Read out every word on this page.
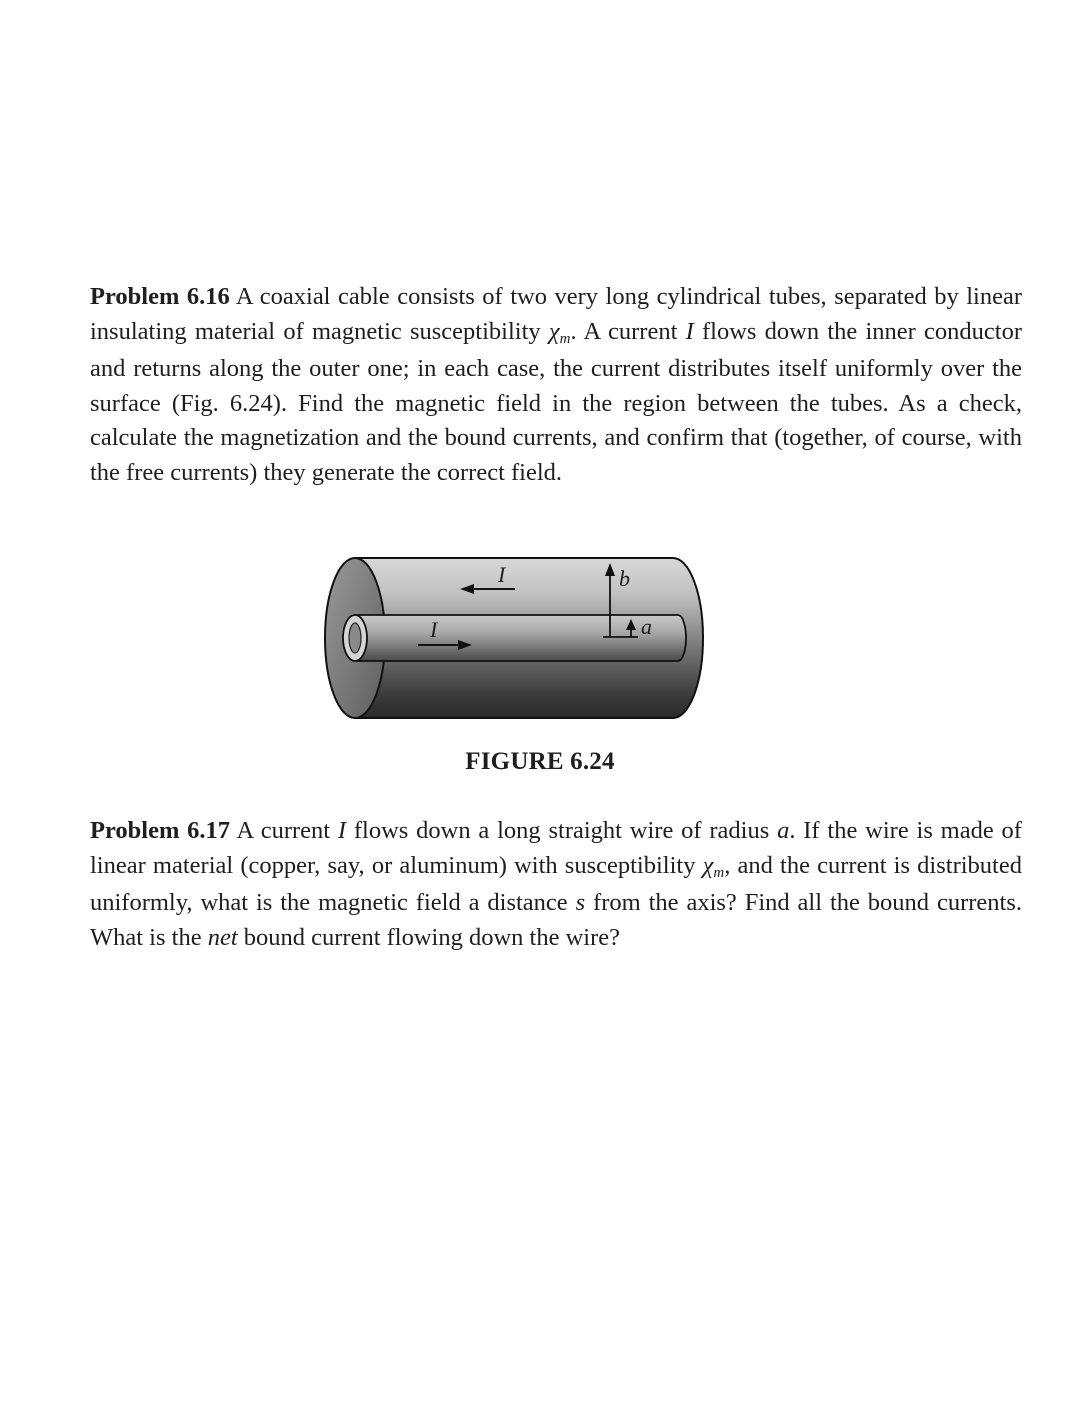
Problem 6.16 A coaxial cable consists of two very long cylindrical tubes, separated by linear insulating material of magnetic susceptibility χm. A current I flows down the inner conductor and returns along the outer one; in each case, the current distributes itself uniformly over the surface (Fig. 6.24). Find the magnetic field in the region between the tubes. As a check, calculate the magnetization and the bound currents, and confirm that (together, of course, with the free currents) they generate the correct field.
I
I
b
a
FIGURE 6.24
Problem 6.17 A current I flows down a long straight wire of radius a. If the wire is made of linear material (copper, say, or aluminum) with susceptibility χm, and the current is distributed uniformly, what is the magnetic field a distance s from the axis? Find all the bound currents. What is the net bound current flowing down the wire?
